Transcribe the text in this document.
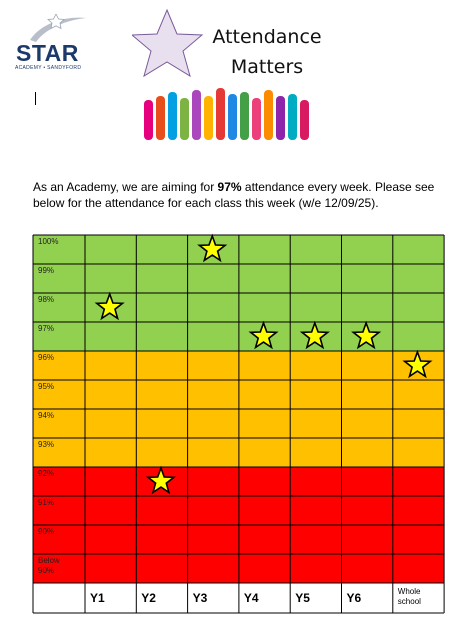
STAR
ACADEMY • SANDYFORD
Attendance
Matters
As an Academy, we are aiming for 97% attendance every week. Please see below for the attendance for each class this week (w/e 12/09/25).
100%
99%
98%
97%
96%
95%
94%
93%
92%
91%
90%
Below 90%
Y1	Y2	Y3	Y4	Y5	Y6	Whole school
